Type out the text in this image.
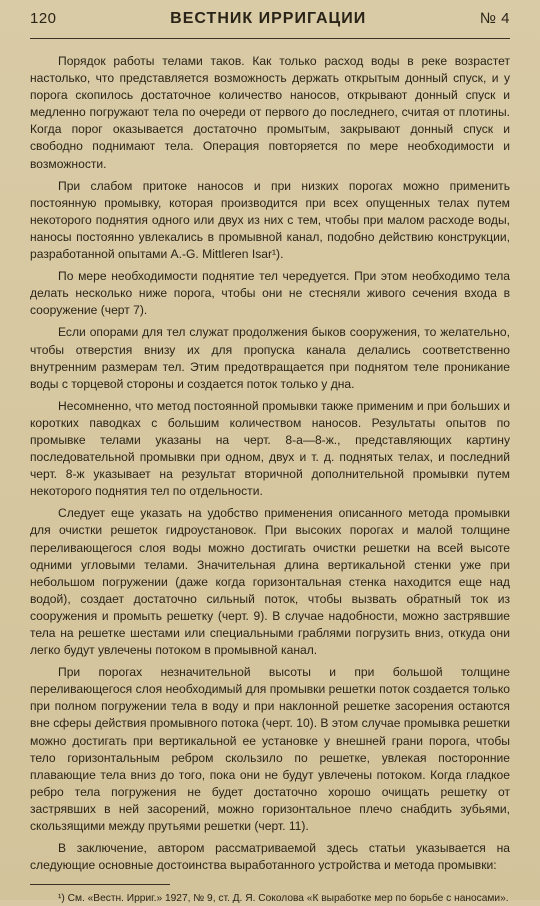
120	ВЕСТНИК ИРРИГАЦИИ	№ 4

Порядок работы телами таков. Как только расход воды в реке возрастет настолько, что представляется возможность держать открытым донный спуск, и у порога скопилось достаточное количество наносов, открывают донный спуск и медленно погружают тела по очереди от первого до последнего, считая от плотины. Когда порог оказывается достаточно промытым, закрывают донный спуск и свободно поднимают тела. Операция повторяется по мере необходимости и возможности.

При слабом притоке наносов и при низких порогах можно применить постоянную промывку, которая производится при всех опущенных телах путем некоторого поднятия одного или двух из них с тем, чтобы при малом расходе воды, наносы постоянно увлекались в промывной канал, подобно действию конструкции, разработанной опытами A.-G. Mittleren Isar¹).

По мере необходимости поднятие тел чередуется. При этом необходимо тела делать несколько ниже порога, чтобы они не стесняли живого сечения входа в сооружение (черт 7).

Если опорами для тел служат продолжения быков сооружения, то желательно, чтобы отверстия внизу их для пропуска канала делались соответственно внутренним размерам тел. Этим предотвращается при поднятом теле проникание воды с торцевой стороны и создается поток только у дна.

Несомненно, что метод постоянной промывки также применим и при больших и коротких паводках с большим количеством наносов. Результаты опытов по промывке телами указаны на черт. 8-а—8-ж., представляющих картину последовательной промывки при одном, двух и т. д. поднятых телах, и последний черт. 8-ж указывает на результат вторичной дополнительной промывки путем некоторого поднятия тел по отдельности.

Следует еще указать на удобство применения описанного метода промывки для очистки решеток гидроустановок. При высоких порогах и малой толщине переливающегося слоя воды можно достигать очистки решетки на всей высоте одними угловыми телами. Значительная длина вертикальной стенки уже при небольшом погружении (даже когда горизонтальная стенка находится еще над водой), создает достаточно сильный поток, чтобы вызвать обратный ток из сооружения и промыть решетку (черт. 9). В случае надобности, можно застрявшие тела на решетке шестами или специальными граблями погрузить вниз, откуда они легко будут увлечены потоком в промывной канал.

При порогах незначительной высоты и при большой толщине переливающегося слоя необходимый для промывки решетки поток создается только при полном погружении тела в воду и при наклонной решетке засорения остаются вне сферы действия промывного потока (черт. 10). В этом случае промывка решетки можно достигать при вертикальной ее установке у внешней грани порога, чтобы тело горизонтальным ребром скользило по решетке, увлекая посторонние плавающие тела вниз до того, пока они не будут увлечены потоком. Когда гладкое ребро тела погружения не будет достаточно хорошо очищать решетку от застрявших в ней засорений, можно горизонтальное плечо снабдить зубьями, скользящими между прутьями решетки (черт. 11).

В заключение, автором рассматриваемой здесь статьи указывается на следующие основные достоинства выработанного устройства и метода промывки:

¹) См. «Вестн. Ирриг.» 1927, № 9, ст. Д. Я. Соколова «К выработке мер по борьбе с наносами».
